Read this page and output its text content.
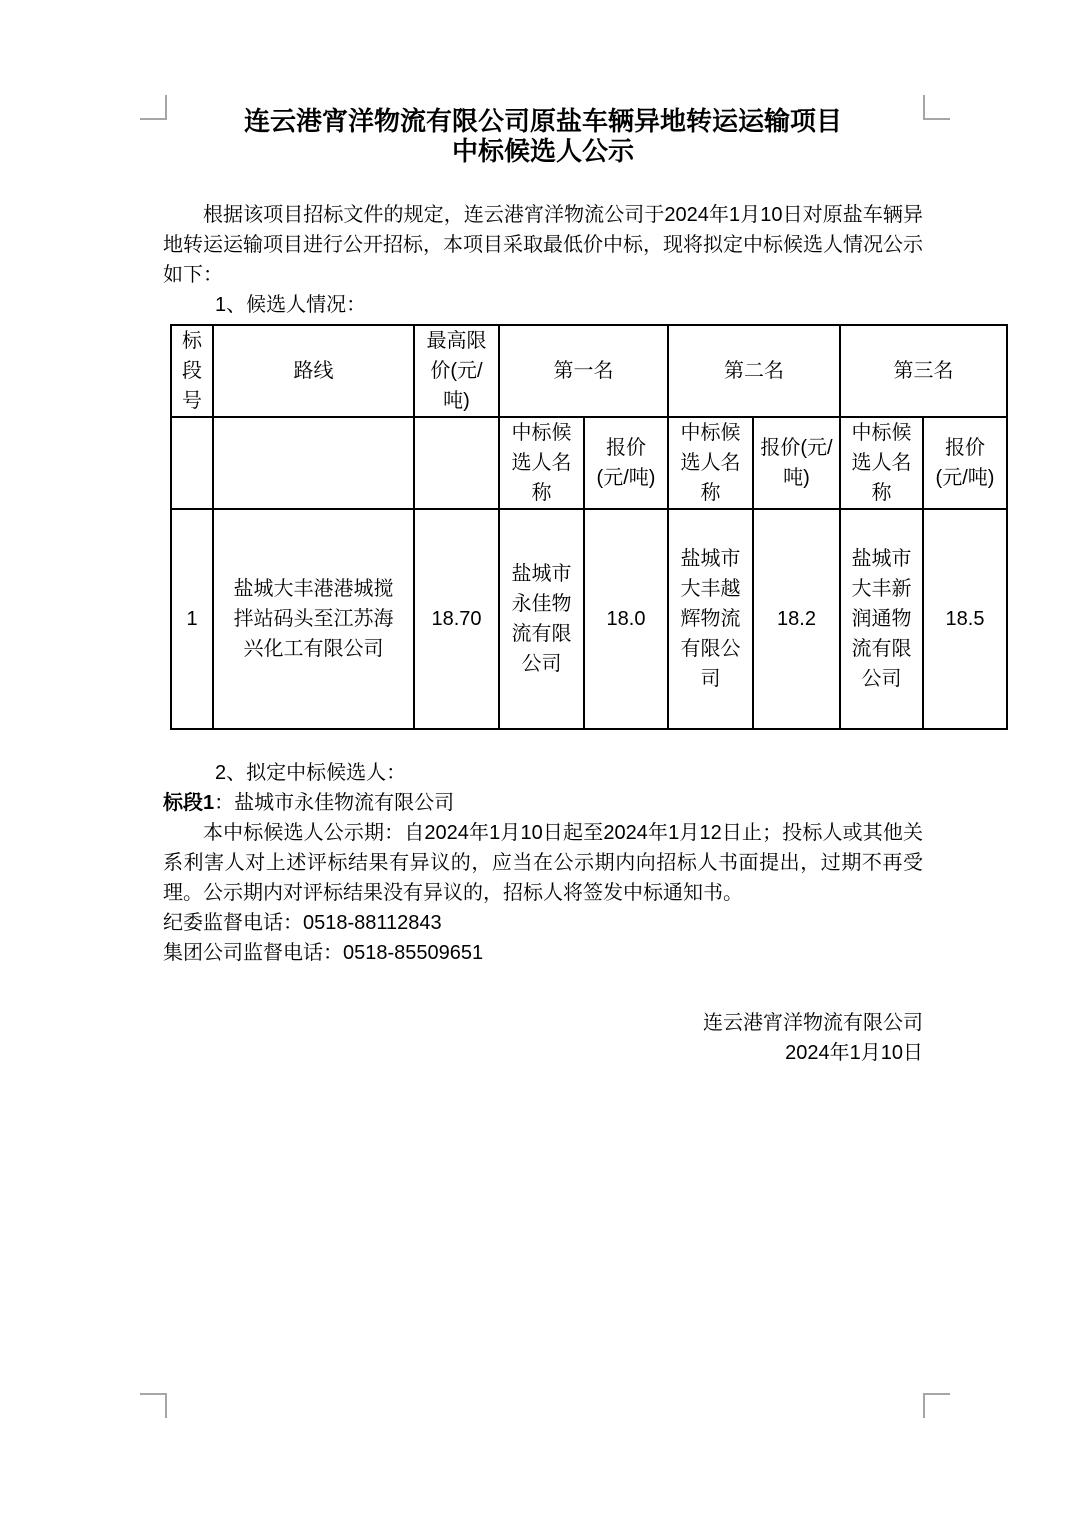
连云港宵洋物流有限公司原盐车辆异地转运运输项目
中标候选人公示

根据该项目招标文件的规定，连云港宵洋物流公司于2024年1月10日对原盐车辆异地转运运输项目进行公开招标，本项目采取最低价中标，现将拟定中标候选人情况公示如下：

1、候选人情况：

标段号	路线	最高限价(元/吨)	第一名		第二名		第三名	
			中标候选人名称	报价(元/吨)	中标候选人名称	报价(元/吨)	中标候选人名称	报价(元/吨)
1	盐城大丰港港城搅拌站码头至江苏海兴化工有限公司	18.70	盐城市永佳物流有限公司	18.0	盐城市大丰越辉物流有限公司	18.2	盐城市大丰新润通物流有限公司	18.5

2、拟定中标候选人：

标段1：盐城市永佳物流有限公司

本中标候选人公示期：自2024年1月10日起至2024年1月12日止；投标人或其他关系利害人对上述评标结果有异议的，应当在公示期内向招标人书面提出，过期不再受理。公示期内对评标结果没有异议的，招标人将签发中标通知书。

纪委监督电话：0518-88112843

集团公司监督电话：0518-85509651

连云港宵洋物流有限公司

2024年1月10日
